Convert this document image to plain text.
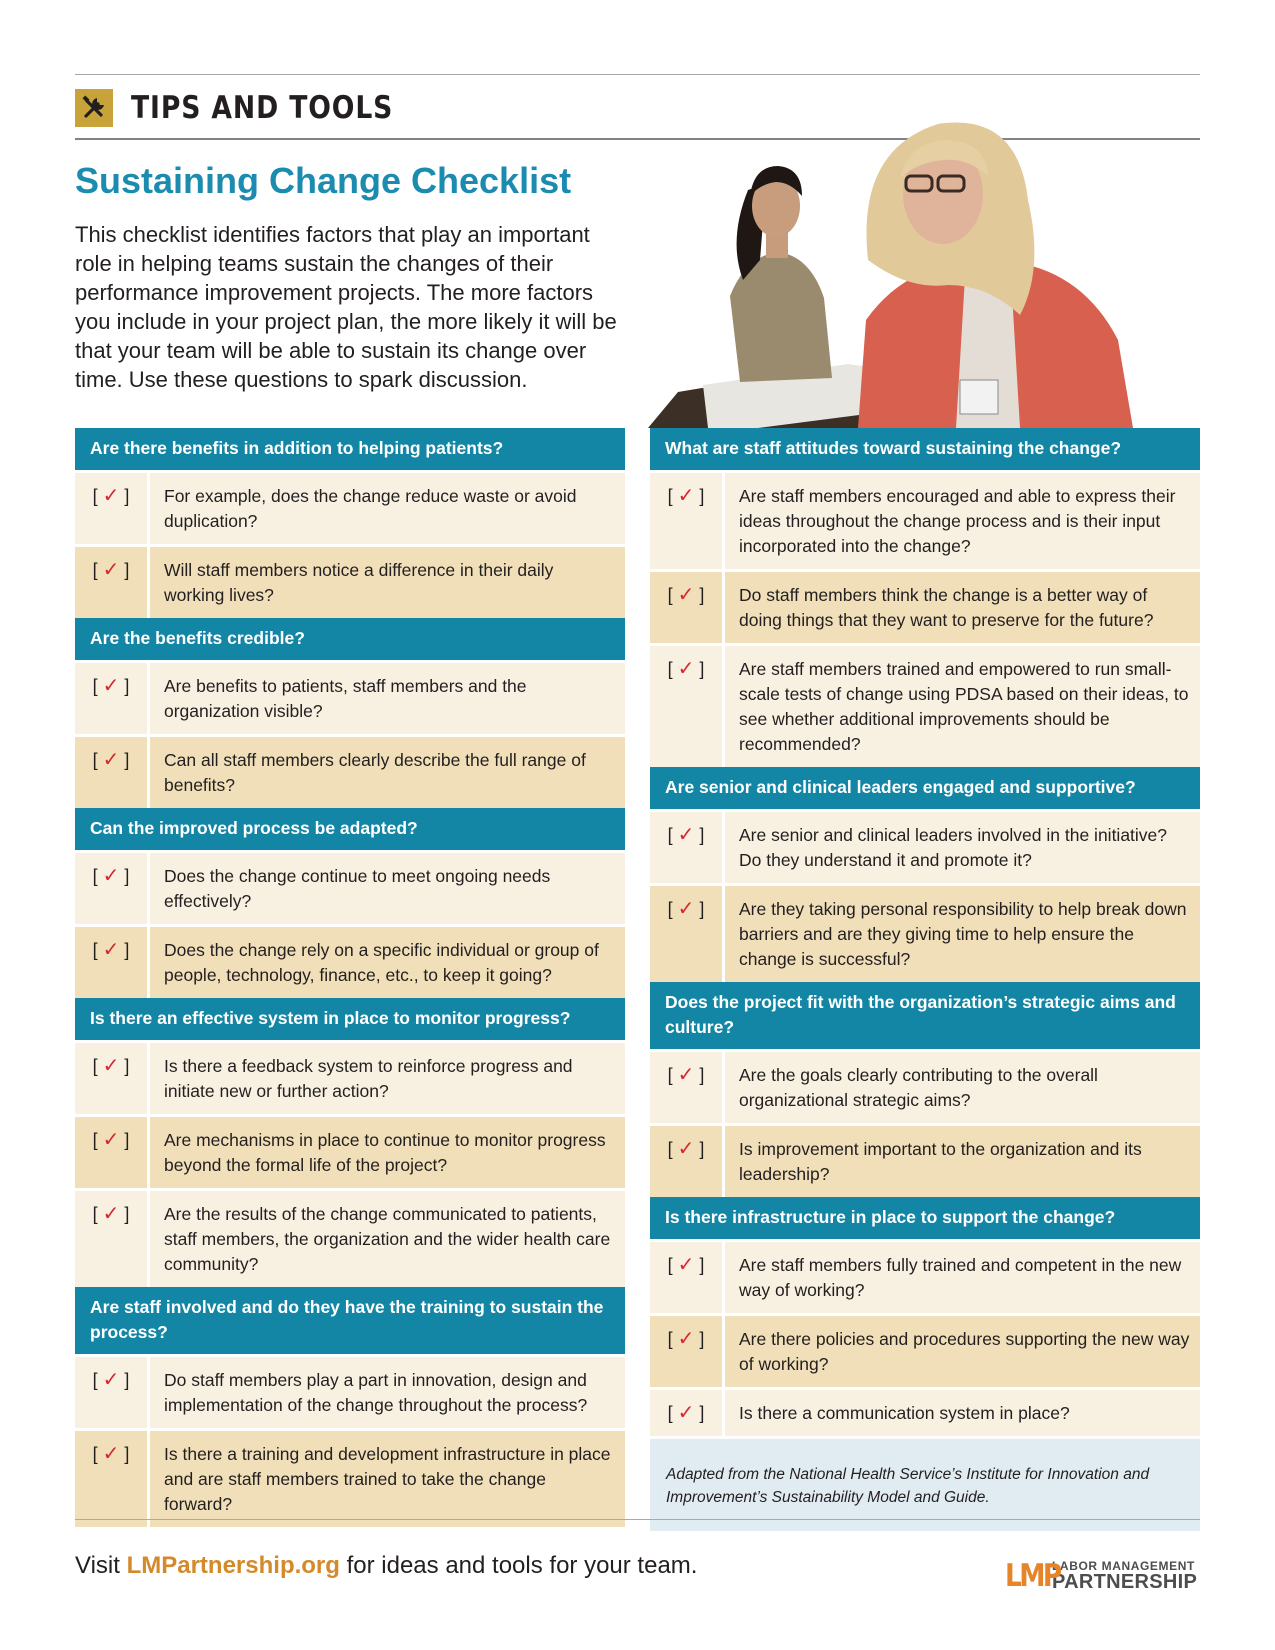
TIPS AND TOOLS
Sustaining Change Checklist

This checklist identifies factors that play an important role in helping teams sustain the changes of their performance improvement projects. The more factors you include in your project plan, the more likely it will be that your team will be able to sustain its change over time. Use these questions to spark discussion.

Are there benefits in addition to helping patients?
[ ✓ ]	For example, does the change reduce waste or avoid duplication?
[ ✓ ]	Will staff members notice a difference in their daily working lives?
Are the benefits credible?
[ ✓ ]	Are benefits to patients, staff members and the organization visible?
[ ✓ ]	Can all staff members clearly describe the full range of benefits?
Can the improved process be adapted?
[ ✓ ]	Does the change continue to meet ongoing needs effectively?
[ ✓ ]	Does the change rely on a specific individual or group of people, technology, finance, etc., to keep it going?
Is there an effective system in place to monitor progress?
[ ✓ ]	Is there a feedback system to reinforce progress and initiate new or further action?
[ ✓ ]	Are mechanisms in place to continue to monitor progress beyond the formal life of the project?
[ ✓ ]	Are the results of the change communicated to patients, staff members, the organization and the wider health care community?
Are staff involved and do they have the training to sustain the process?
[ ✓ ]	Do staff members play a part in innovation, design and implementation of the change throughout the process?
[ ✓ ]	Is there a training and development infrastructure in place and are staff members trained to take the change forward?
What are staff attitudes toward sustaining the change?
[ ✓ ]	Are staff members encouraged and able to express their ideas throughout the change process and is their input incorporated into the change?
[ ✓ ]	Do staff members think the change is a better way of doing things that they want to preserve for the future?
[ ✓ ]	Are staff members trained and empowered to run small-scale tests of change using PDSA based on their ideas, to see whether additional improvements should be recommended?
Are senior and clinical leaders engaged and supportive?
[ ✓ ]	Are senior and clinical leaders involved in the initiative? Do they understand it and promote it?
[ ✓ ]	Are they taking personal responsibility to help break down barriers and are they giving time to help ensure the change is successful?
Does the project fit with the organization’s strategic aims and culture?
[ ✓ ]	Are the goals clearly contributing to the overall organizational strategic aims?
[ ✓ ]	Is improvement important to the organization and its leadership?
Is there infrastructure in place to support the change?
[ ✓ ]	Are staff members fully trained and competent in the new way of working?
[ ✓ ]	Are there policies and procedures supporting the new way of working?
[ ✓ ]	Is there a communication system in place?
Adapted from the National Health Service’s Institute for Innovation and Improvement’s Sustainability Model and Guide.
Visit LMPartnership.org for ideas and tools for your team.	LMP
LABOR MANAGEMENT
PARTNERSHIP
